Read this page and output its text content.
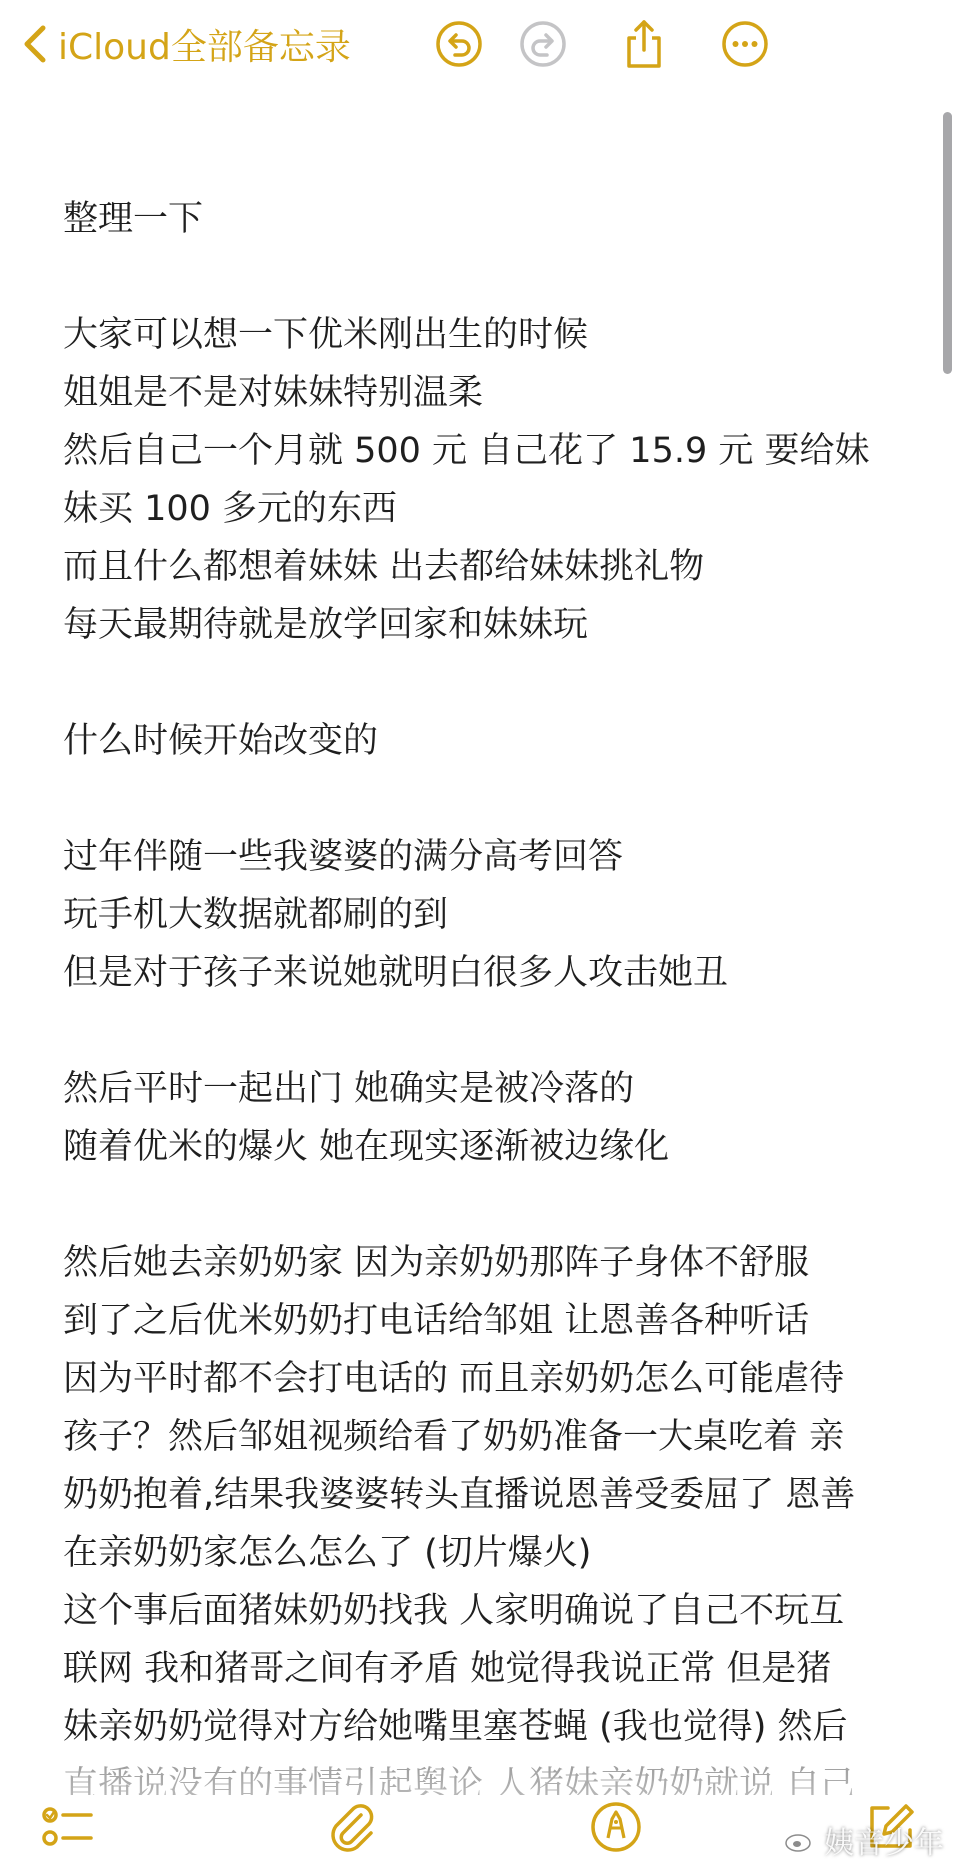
iCloud全部备忘录

整理一下

大家可以想一下优米刚出生的时候

姐姐是不是对妹妹特别温柔

然后自己一个月就 500 元 自己花了 15.9 元 要给妹

妹买 100 多元的东西

而且什么都想着妹妹 出去都给妹妹挑礼物

每天最期待就是放学回家和妹妹玩

什么时候开始改变的

过年伴随一些我婆婆的满分高考回答

玩手机大数据就都刷的到

但是对于孩子来说她就明白很多人攻击她丑

然后平时一起出门 她确实是被冷落的

随着优米的爆火 她在现实逐渐被边缘化

然后她去亲奶奶家 因为亲奶奶那阵子身体不舒服

到了之后优米奶奶打电话给邹姐 让恩善各种听话

因为平时都不会打电话的 而且亲奶奶怎么可能虐待

孩子？然后邹姐视频给看了奶奶准备一大桌吃着 亲

奶奶抱着,结果我婆婆转头直播说恩善受委屈了 恩善

在亲奶奶家怎么怎么了 (切片爆火)

这个事后面猪妹奶奶找我 人家明确说了自己不玩互

联网 我和猪哥之间有矛盾 她觉得我说正常 但是猪

妹亲奶奶觉得对方给她嘴里塞苍蝇 (我也觉得) 然后

姨音少年
